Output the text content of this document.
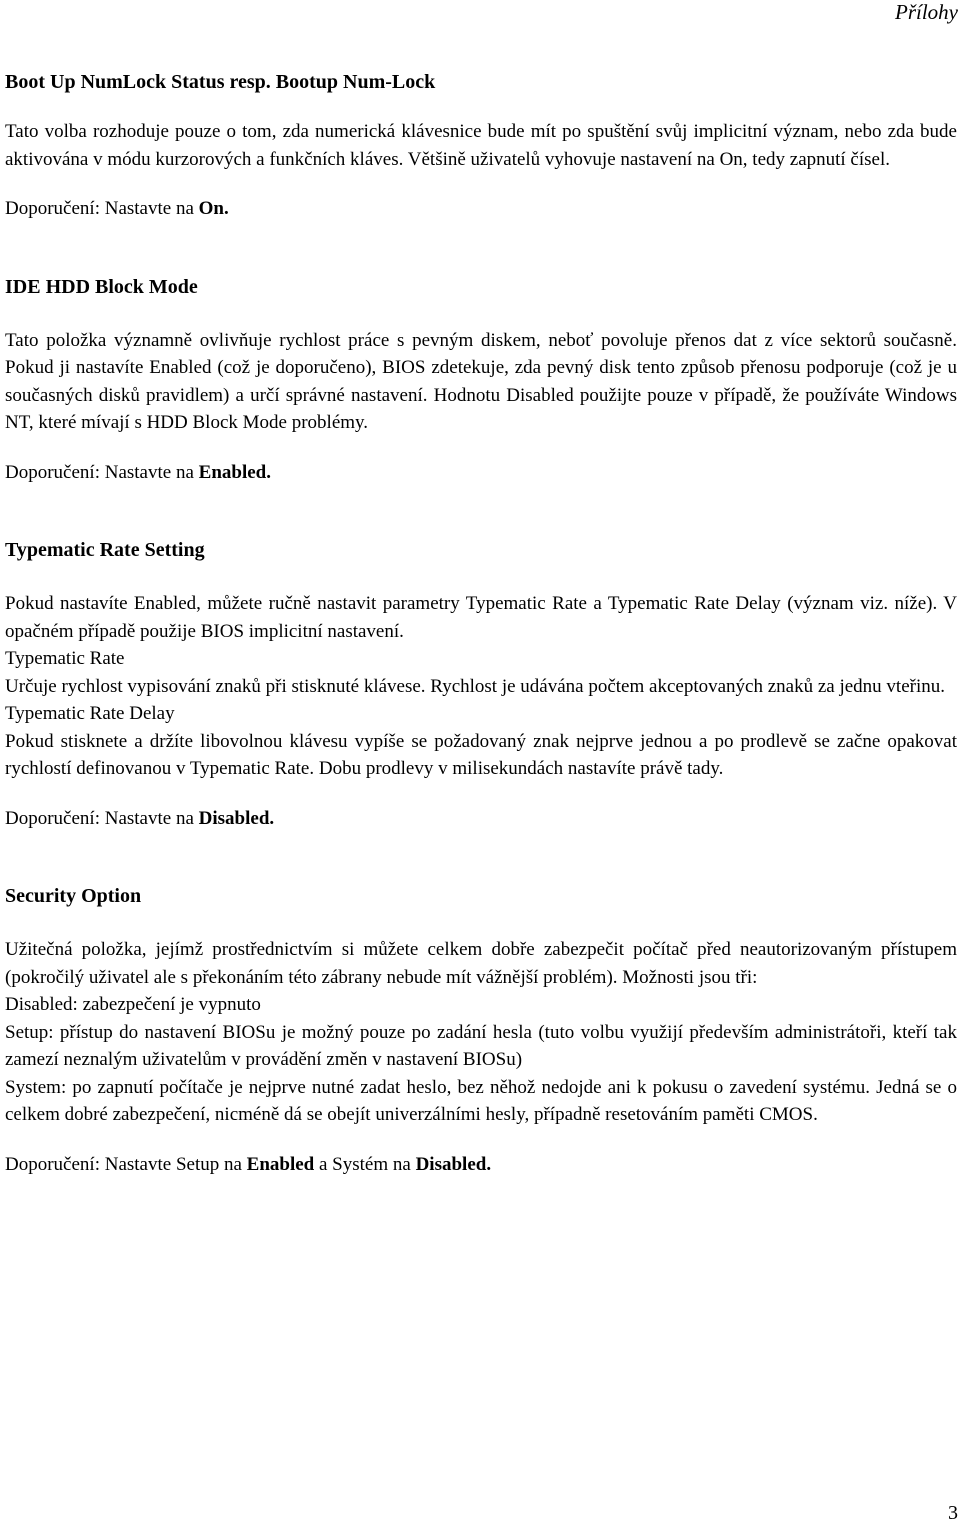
Přílohy
Boot Up NumLock Status resp. Bootup Num-Lock

Tato volba rozhoduje pouze o tom, zda numerická klávesnice bude mít po spuštění svůj implicitní význam, nebo zda bude aktivována v módu kurzorových a funkčních kláves. Většině uživatelů vyhovuje nastavení na On, tedy zapnutí čísel.

Doporučení: Nastavte na On.

IDE HDD Block Mode

Tato položka významně ovlivňuje rychlost práce s pevným diskem, neboť povoluje přenos dat z více sektorů současně. Pokud ji nastavíte Enabled (což je doporučeno), BIOS zdetekuje, zda pevný disk tento způsob přenosu podporuje (což je u současných disků pravidlem) a určí správné nastavení. Hodnotu Disabled použijte pouze v případě, že používáte Windows NT, které mívají s HDD Block Mode problémy.

Doporučení: Nastavte na Enabled.

Typematic Rate Setting

Pokud nastavíte Enabled, můžete ručně nastavit parametry Typematic Rate a Typematic Rate Delay (význam viz. níže). V opačném případě použije BIOS implicitní nastavení.

Typematic Rate

Určuje rychlost vypisování znaků při stisknuté klávese. Rychlost je udávána počtem akceptovaných znaků za jednu vteřinu.

Typematic Rate Delay

Pokud stisknete a držíte libovolnou klávesu vypíše se požadovaný znak nejprve jednou a po prodlevě se začne opakovat rychlostí definovanou v Typematic Rate. Dobu prodlevy v milisekundách nastavíte právě tady.

Doporučení: Nastavte na Disabled.

Security Option

Užitečná položka, jejímž prostřednictvím si můžete celkem dobře zabezpečit počítač před neautorizovaným přístupem (pokročilý uživatel ale s překonáním této zábrany nebude mít vážnější problém). Možnosti jsou tři:

Disabled: zabezpečení je vypnuto

Setup: přístup do nastavení BIOSu je možný pouze po zadání hesla (tuto volbu využijí především administrátoři, kteří tak zamezí neznalým uživatelům v provádění změn v nastavení BIOSu)

System: po zapnutí počítače je nejprve nutné zadat heslo, bez něhož nedojde ani k pokusu o zavedení systému. Jedná se o celkem dobré zabezpečení, nicméně dá se obejít univerzálními hesly, případně resetováním paměti CMOS.

Doporučení: Nastavte Setup na Enabled a Systém na Disabled.

3
